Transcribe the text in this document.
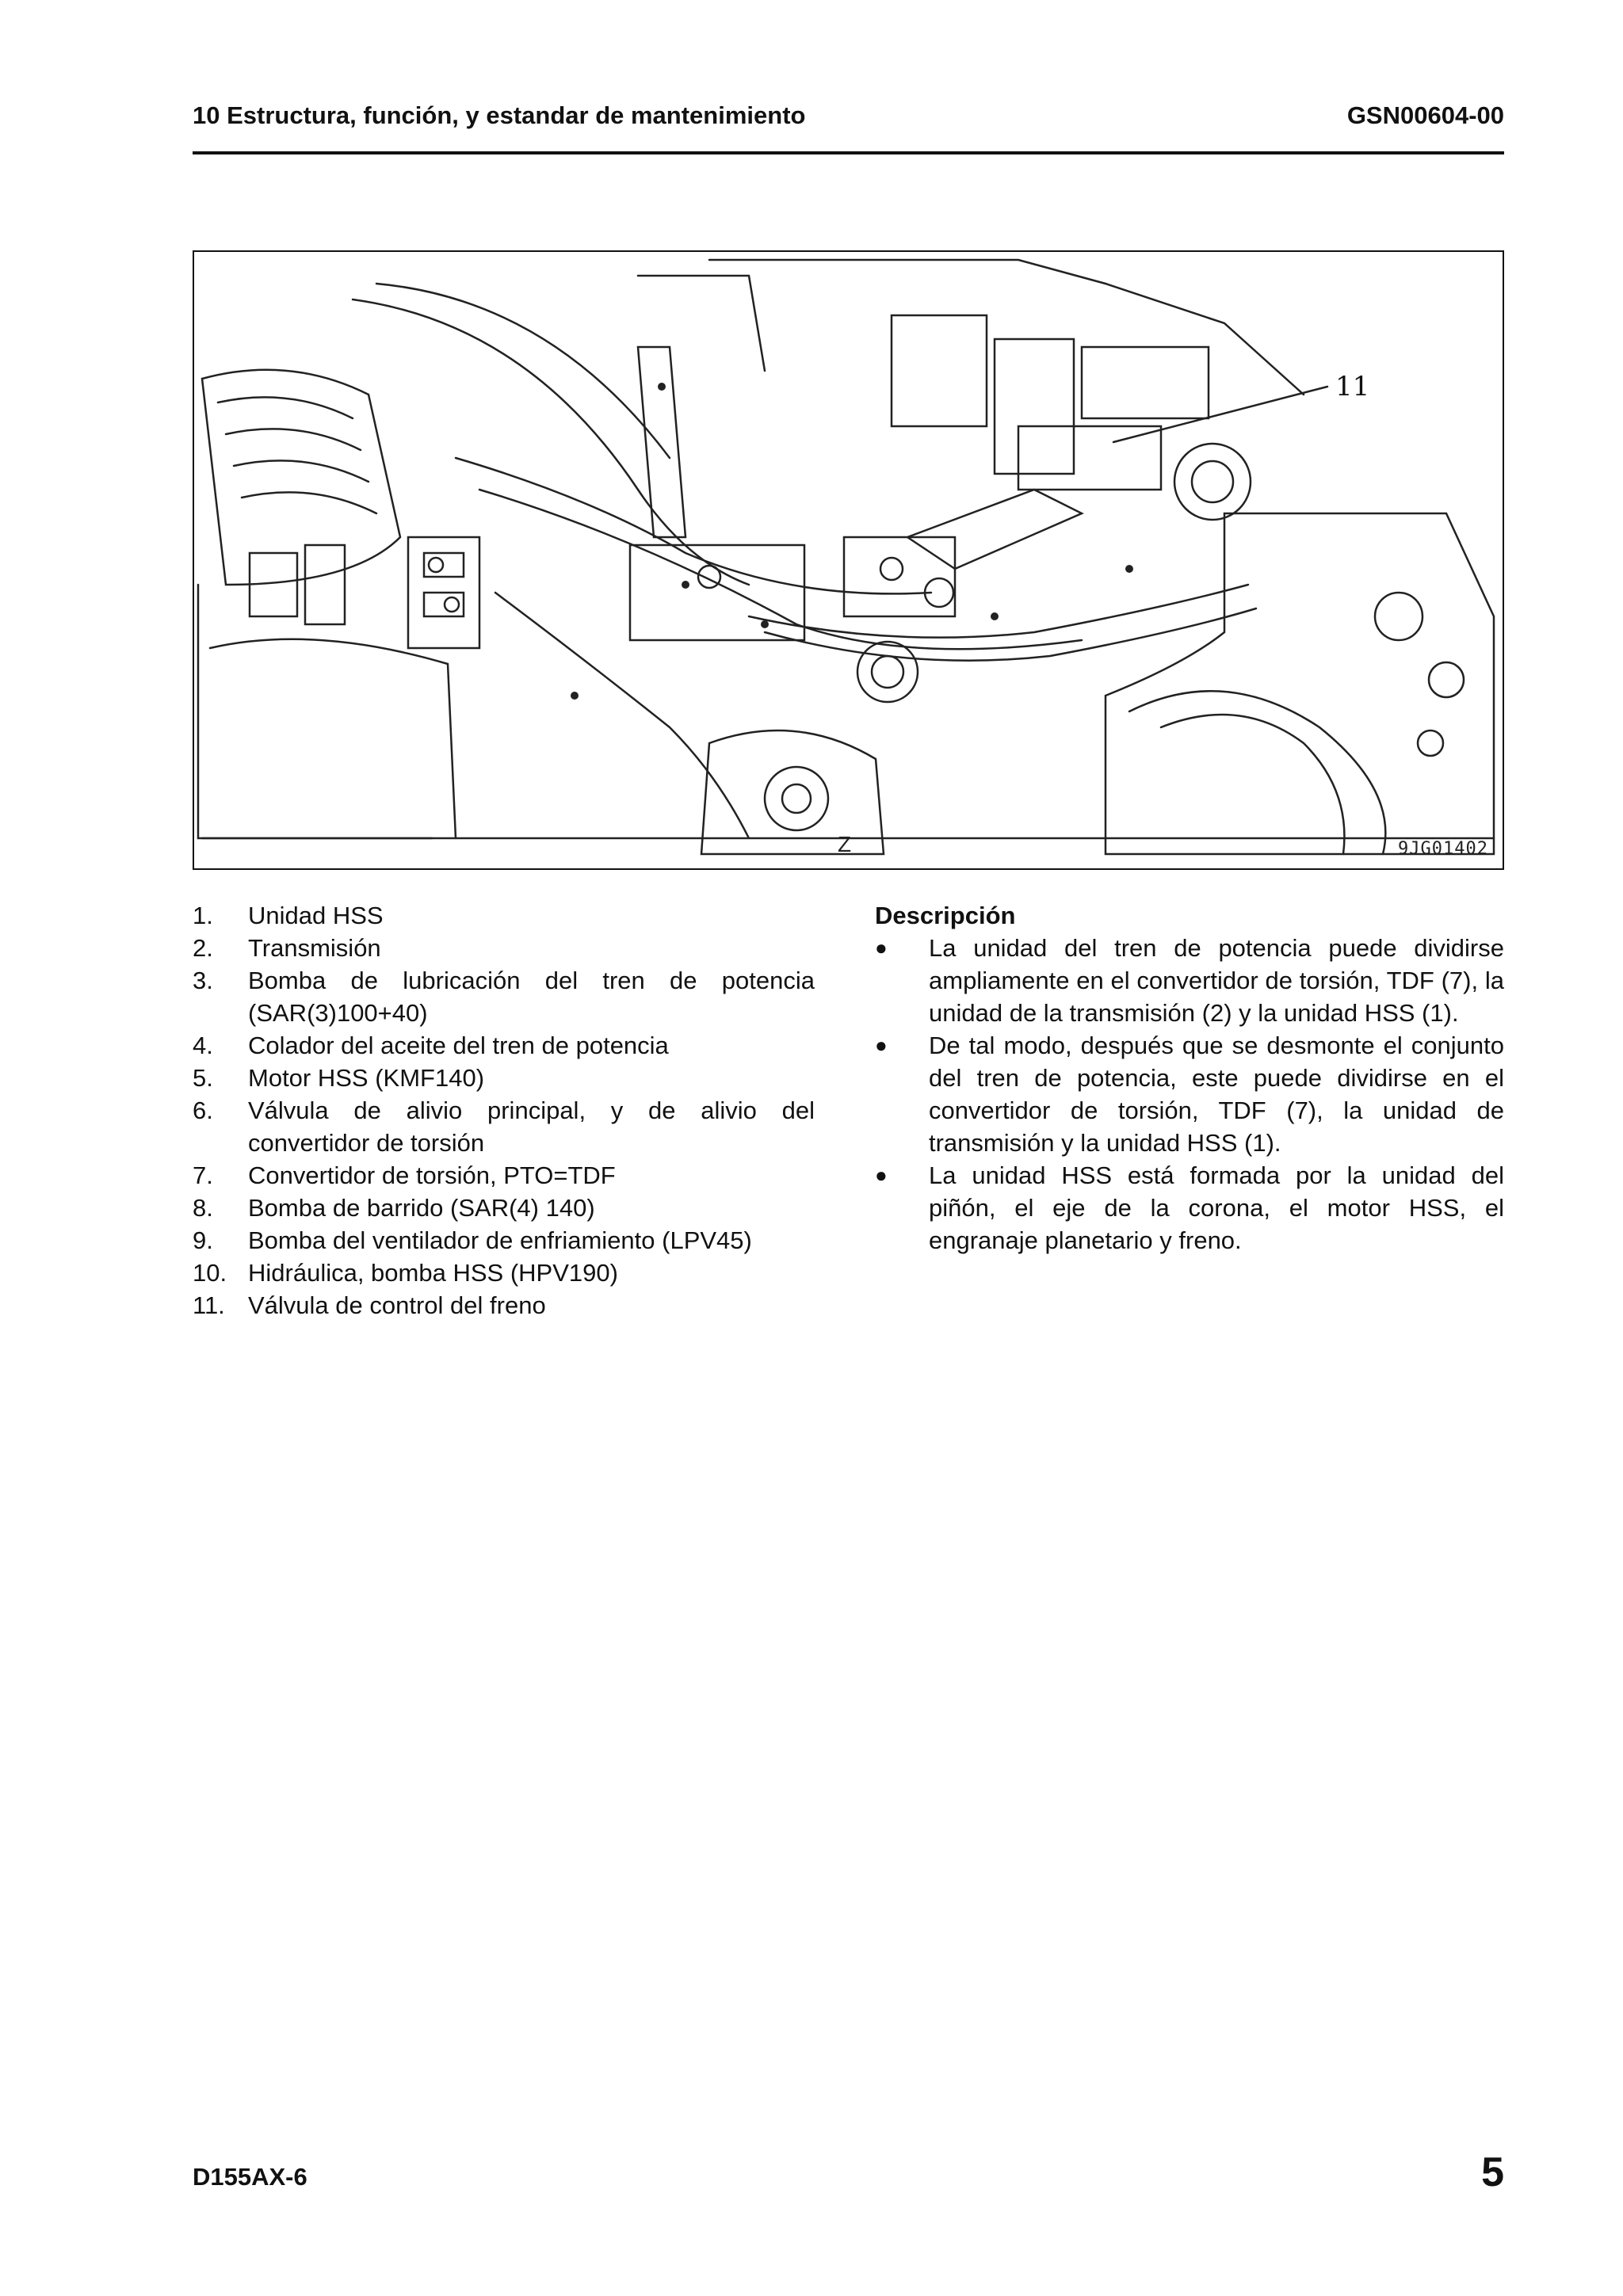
10 Estructura, función, y estandar de mantenimiento	GSN00604-00
11
Z	9JG01402
1.	Unidad HSS
2.	Transmisión
3.	Bomba de lubricación del tren de potencia (SAR(3)100+40)
4.	Colador del aceite del tren de potencia
5.	Motor HSS (KMF140)
6.	Válvula de alivio principal, y de alivio del convertidor de torsión
7.	Convertidor de torsión, PTO=TDF
8.	Bomba de barrido (SAR(4) 140)
9.	Bomba del ventilador de enfriamiento (LPV45)
10. Hidráulica, bomba HSS (HPV190)
11. Válvula de control del freno
Descripción
●	La unidad del tren de potencia puede dividirse ampliamente en el convertidor de torsión, TDF (7), la unidad de la transmisión (2) y la unidad HSS (1).
●	De tal modo, después que se desmonte el conjunto del tren de potencia, este puede dividirse en el convertidor de torsión, TDF (7), la unidad de transmisión y la unidad HSS (1).
●	La unidad HSS está formada por la unidad del piñón, el eje de la corona, el motor HSS, el engranaje planetario y freno.
D155AX-6	5
